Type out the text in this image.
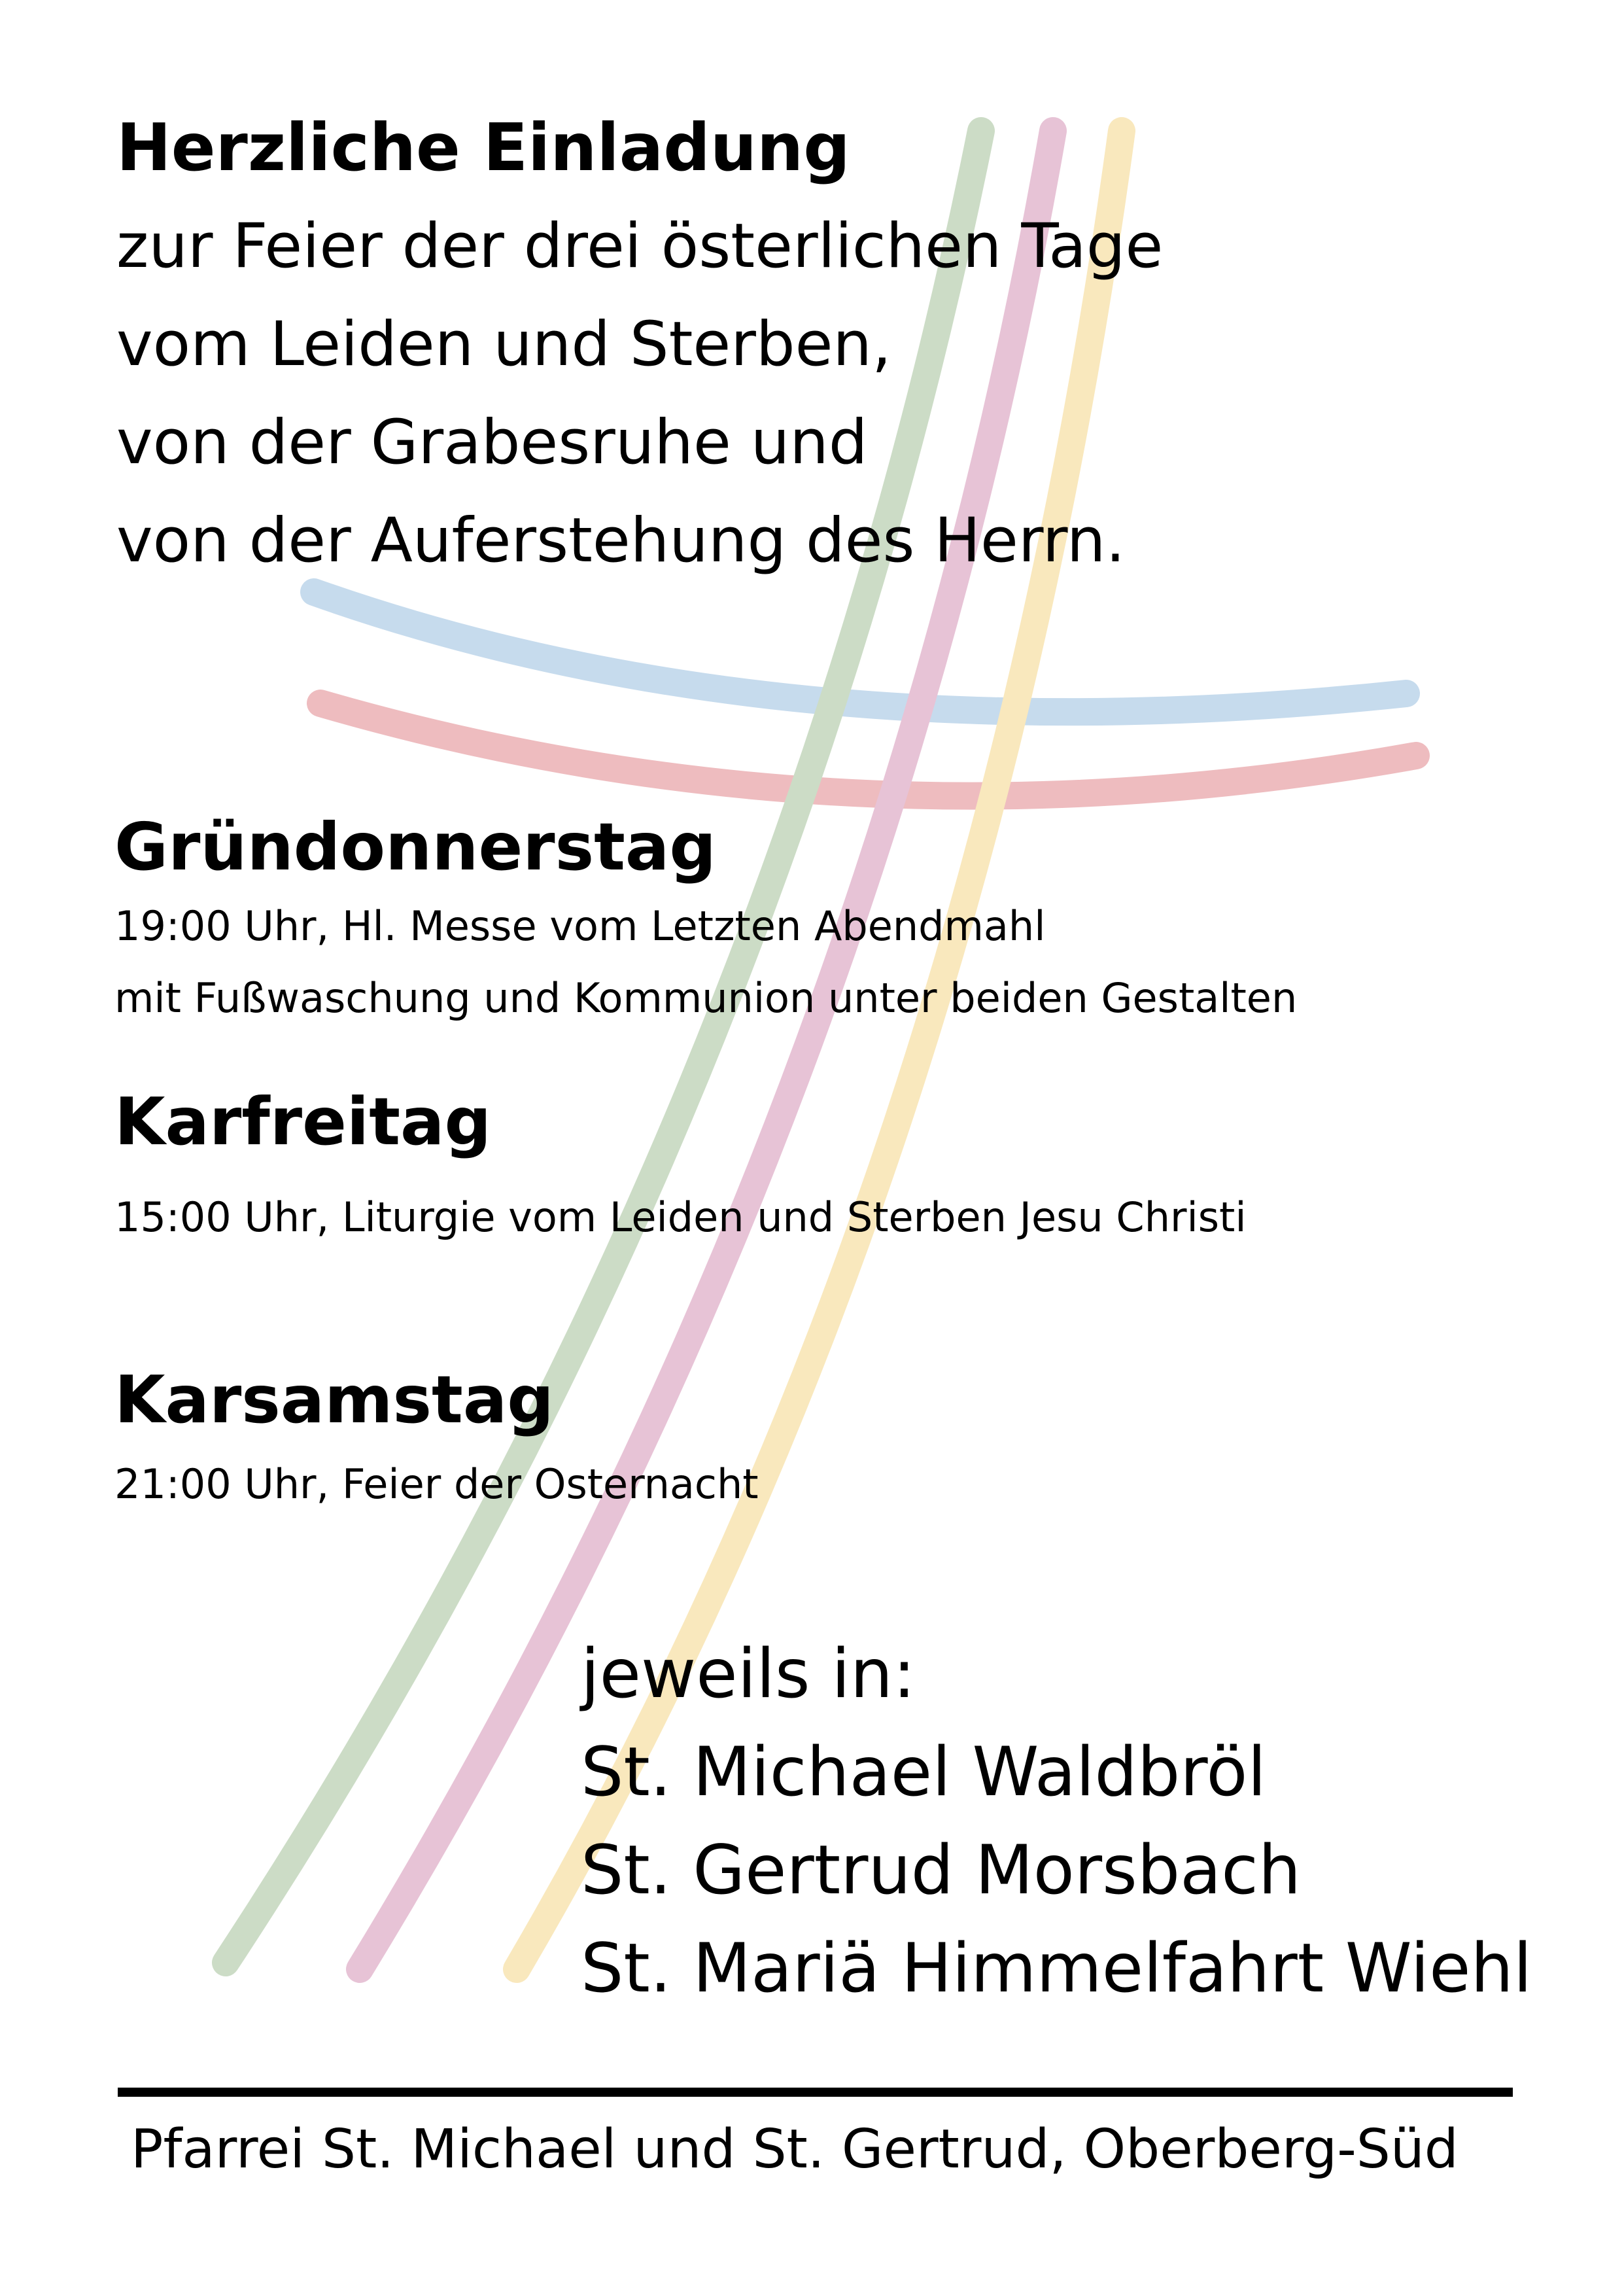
Herzliche Einladung

zur Feier der drei österlichen Tage

vom Leiden und Sterben,

von der Grabesruhe und

von der Auferstehung des Herrn.

Gründonnerstag

19:00 Uhr, Hl. Messe vom Letzten Abendmahl

mit Fußwaschung und Kommunion unter beiden Gestalten

Karfreitag

15:00 Uhr, Liturgie vom Leiden und Sterben Jesu Christi

Karsamstag

21:00 Uhr, Feier der Osternacht

jeweils in:

St. Michael Waldbröl

St. Gertrud Morsbach

St. Mariä Himmelfahrt Wiehl

Pfarrei St. Michael und St. Gertrud, Oberberg-Süd
